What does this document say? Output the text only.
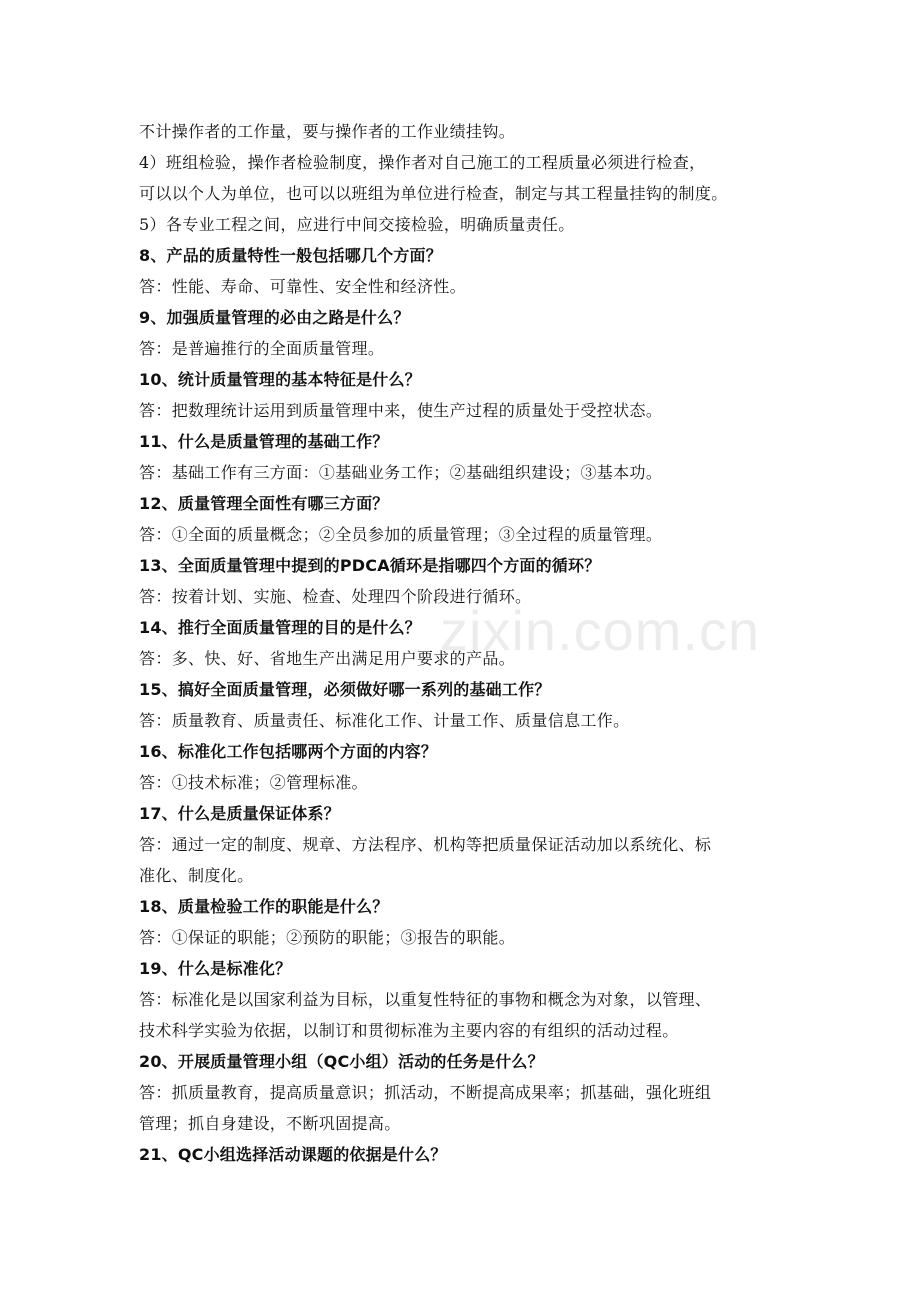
不计操作者的工作量，要与操作者的工作业绩挂钩。
4）班组检验，操作者检验制度，操作者对自己施工的工程质量必须进行检查，
可以以个人为单位，也可以以班组为单位进行检查，制定与其工程量挂钩的制度。
5）各专业工程之间，应进行中间交接检验，明确质量责任。
8、产品的质量特性一般包括哪几个方面？
答：性能、寿命、可靠性、安全性和经济性。
9、加强质量管理的必由之路是什么？
答：是普遍推行的全面质量管理。
10、统计质量管理的基本特征是什么？
答：把数理统计运用到质量管理中来，使生产过程的质量处于受控状态。
11、什么是质量管理的基础工作？
答：基础工作有三方面：①基础业务工作；②基础组织建设；③基本功。
12、质量管理全面性有哪三方面？
答：①全面的质量概念；②全员参加的质量管理；③全过程的质量管理。
13、全面质量管理中提到的PDCA循环是指哪四个方面的循环？
答：按着计划、实施、检查、处理四个阶段进行循环。
14、推行全面质量管理的目的是什么？
答：多、快、好、省地生产出满足用户要求的产品。
15、搞好全面质量管理，必须做好哪一系列的基础工作？
答：质量教育、质量责任、标准化工作、计量工作、质量信息工作。
16、标准化工作包括哪两个方面的内容？
答：①技术标准；②管理标准。
17、什么是质量保证体系？
答：通过一定的制度、规章、方法程序、机构等把质量保证活动加以系统化、标
准化、制度化。
18、质量检验工作的职能是什么？
答：①保证的职能；②预防的职能；③报告的职能。
19、什么是标准化？
答：标准化是以国家利益为目标，以重复性特征的事物和概念为对象，以管理、
技术科学实验为依据，以制订和贯彻标准为主要内容的有组织的活动过程。
20、开展质量管理小组（QC小组）活动的任务是什么？
答：抓质量教育，提高质量意识；抓活动，不断提高成果率；抓基础，强化班组
管理；抓自身建设，不断巩固提高。
21、QC小组选择活动课题的依据是什么？
zixin.com.cn
